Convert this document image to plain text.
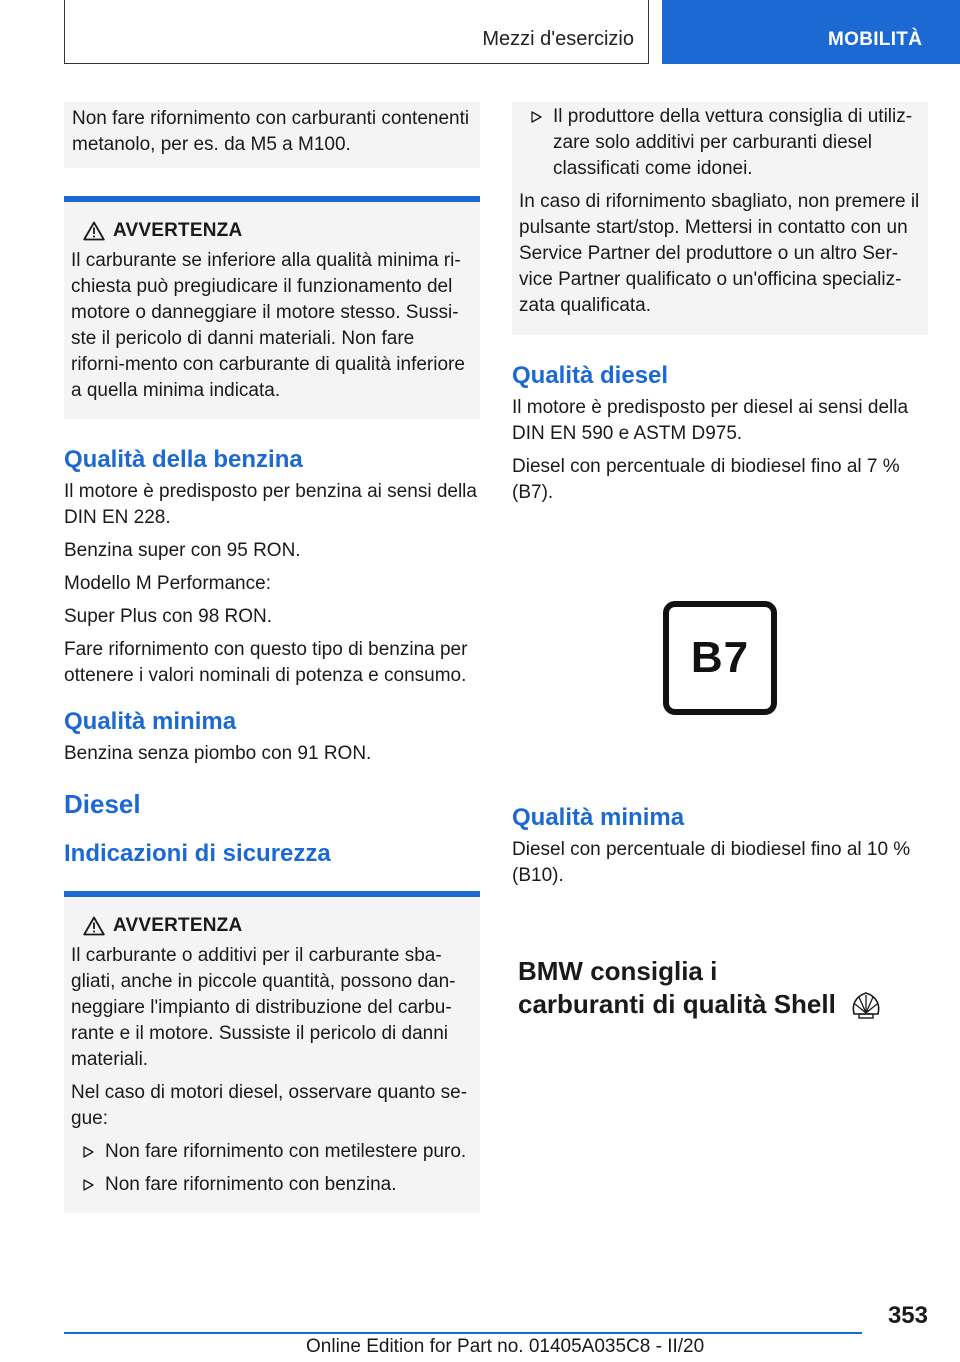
Mezzi d'esercizio	MOBILITÀ

Non fare rifornimento con carburanti contenenti metanolo, per es. da M5 a M100.

AVVERTENZA

Il carburante se inferiore alla qualità minima ri-chiesta può pregiudicare il funzionamento del motore o danneggiare il motore stesso. Sussi-ste il pericolo di danni materiali. Non fare riforni-mento con carburante di qualità inferiore a quella minima indicata.

Qualità della benzina

Il motore è predisposto per benzina ai sensi della DIN EN 228.

Benzina super con 95 RON.

Modello M Performance:

Super Plus con 98 RON.

Fare rifornimento con questo tipo di benzina per ottenere i valori nominali di potenza e consumo.

Qualità minima

Benzina senza piombo con 91 RON.

Diesel
Indicazioni di sicurezza
AVVERTENZA

Il carburante o additivi per il carburante sba-gliati, anche in piccole quantità, possono dan-neggiare l'impianto di distribuzione del carbu-rante e il motore. Sussiste il pericolo di danni materiali.

Nel caso di motori diesel, osservare quanto se-gue:

Non fare rifornimento con metilestere puro.
Non fare rifornimento con benzina.
Il produttore della vettura consiglia di utiliz-zare solo additivi per carburanti diesel classificati come idonei.

In caso di rifornimento sbagliato, non premere il pulsante start/stop. Mettersi in contatto con un Service Partner del produttore o un altro Ser-vice Partner qualificato o un'officina specializ-zata qualificata.

Qualità diesel

Il motore è predisposto per diesel ai sensi della DIN EN 590 e ASTM D975.

Diesel con percentuale di biodiesel fino al 7 % (B7).

B7
Qualità minima

Diesel con percentuale di biodiesel fino al 10 % (B10).

BMW consiglia i
carburanti di qualità Shell
353
Online Edition for Part no. 01405A035C8 - II/20
